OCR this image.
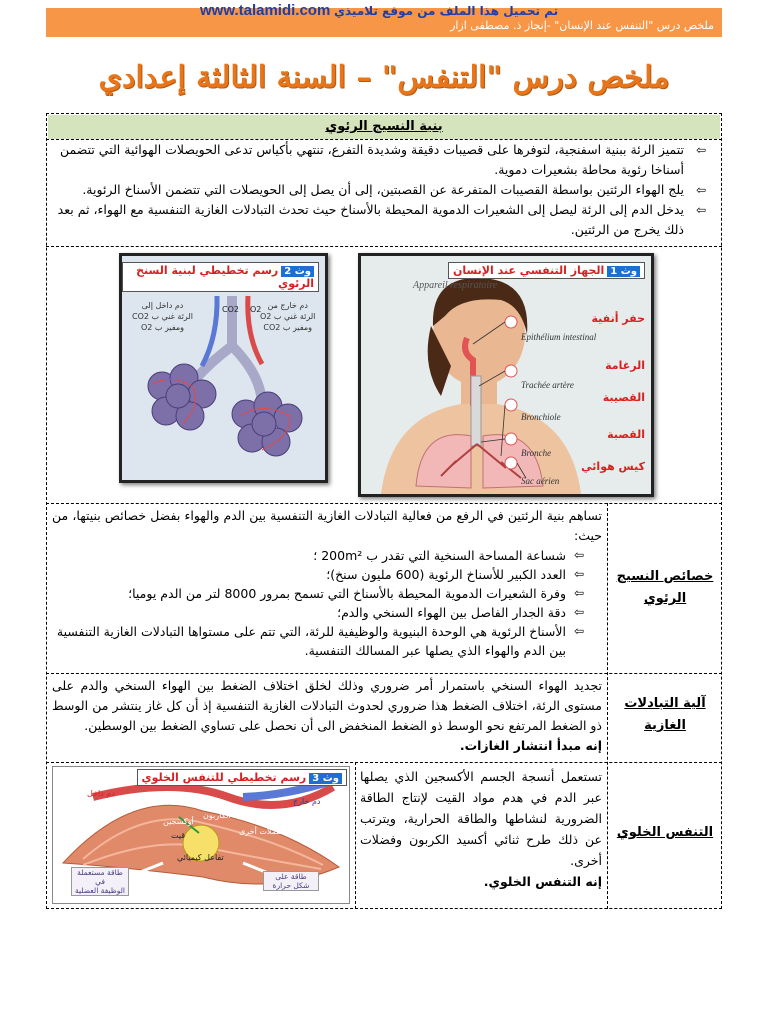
www.talamidi.com تم تحميل هذا الملف من موقع تلاميذي
ملخص درس "التنفس عند الإنسان" -إنجاز ذ. مصطفى ازار
ملخص درس "التنفس" – السنة الثالثة إعدادي
بنية النسيج الرئوي
⇦
تتميز الرئة ببنية اسفنجية، لتوفرها على قصيبات دقيقة وشديدة التفرع، تنتهي بأكياس تدعى الحويصلات الهوائية التي تتضمن أسناخا رئوية محاطة بشعيرات دموية.
⇦
يلج الهواء الرئتين بواسطة القصيبات المتفرعة عن القصبتين، إلى أن يصل إلى الحويصلات التي تتضمن الأسناخ الرئوية.
⇦
يدخل الدم إلى الرئة ليصل إلى الشعيرات الدموية المحيطة بالأسناخ حيث تحدث التبادلات الغازية التنفسية مع الهواء، ثم بعد ذلك يخرج من الرئتين.
وث 1الجهاز التنفسي عند الإنسان
Appareil respiratoire
حفر أنفية
الرغامة
القصيبة
القصبة
كيس هوائي
Epithélium intestinal
Trachée artère
Bronchiole
Bronche
Sac aérien
CO2 O2
وث 2رسم تخطيطي لبنية السنخ الرئوي
دم داخل إلى
الرئة غني ب CO2
ومفير ب O2
دم خارج من
الرئة غني ب O2
ومفير ب CO2
خصائص النسيج الرئوي
تساهم بنية الرئتين في الرفع من فعالية التبادلات الغازية التنفسية بين الدم والهواء بفضل خصائص بنيتها، من حيث:
⇦
شساعة المساحة السنخية التي تقدر ب 200m² ؛
⇦
العدد الكبير للأسناخ الرئوية (600 مليون سنخ)؛
⇦
وفرة الشعيرات الدموية المحيطة بالأسناخ التي تسمح بمرور 8000 لتر من الدم يوميا؛
⇦
دقة الجدار الفاصل بين الهواء السنخي والدم؛
⇦
الأسناخ الرئوية هي الوحدة البنيوية والوظيفية للرئة، التي تتم على مستواها التبادلات الغازية التنفسية بين الدم والهواء الذي يصلها عبر المسالك التنفسية.
آلية التبادلات الغازية
تجديد الهواء السنخي باستمرار أمر ضروري وذلك لخلق اختلاف الضغط بين الهواء السنخي والدم على مستوى الرئة، اختلاف الضغط هذا ضروري لحدوث التبادلات الغازية التنفسية إذ أن كل غاز ينتشر من الوسط ذو الضغط المرتفع نحو الوسط ذو الضغط المنخفض الى أن نحصل على تساوي الضغط بين الوسطين.
إنه مبدأ انتشار الغازات.
التنفس الخلوي
تستعمل أنسجة الجسم الأكسجين الذي يصلها عبر الدم في هدم مواد القيت لإنتاج الطاقة الضرورية لنشاطها والطاقة الحرارية، ويترتب عن ذلك طرح ثنائي أكسيد الكربون وفضلات أخرى.
إنه التنفس الخلوي.
وث 3رسم تخطيطي للتنفس الخلوي
دم داخل
دم خارج
ثنائي أكسيد الكاربون
فضلات أخرى
قيت
أوكسجين
تفاعل كيميائي
طاقة مستعملة
في
الوظيفة العضلية
طاقة على
شكل حرارة
